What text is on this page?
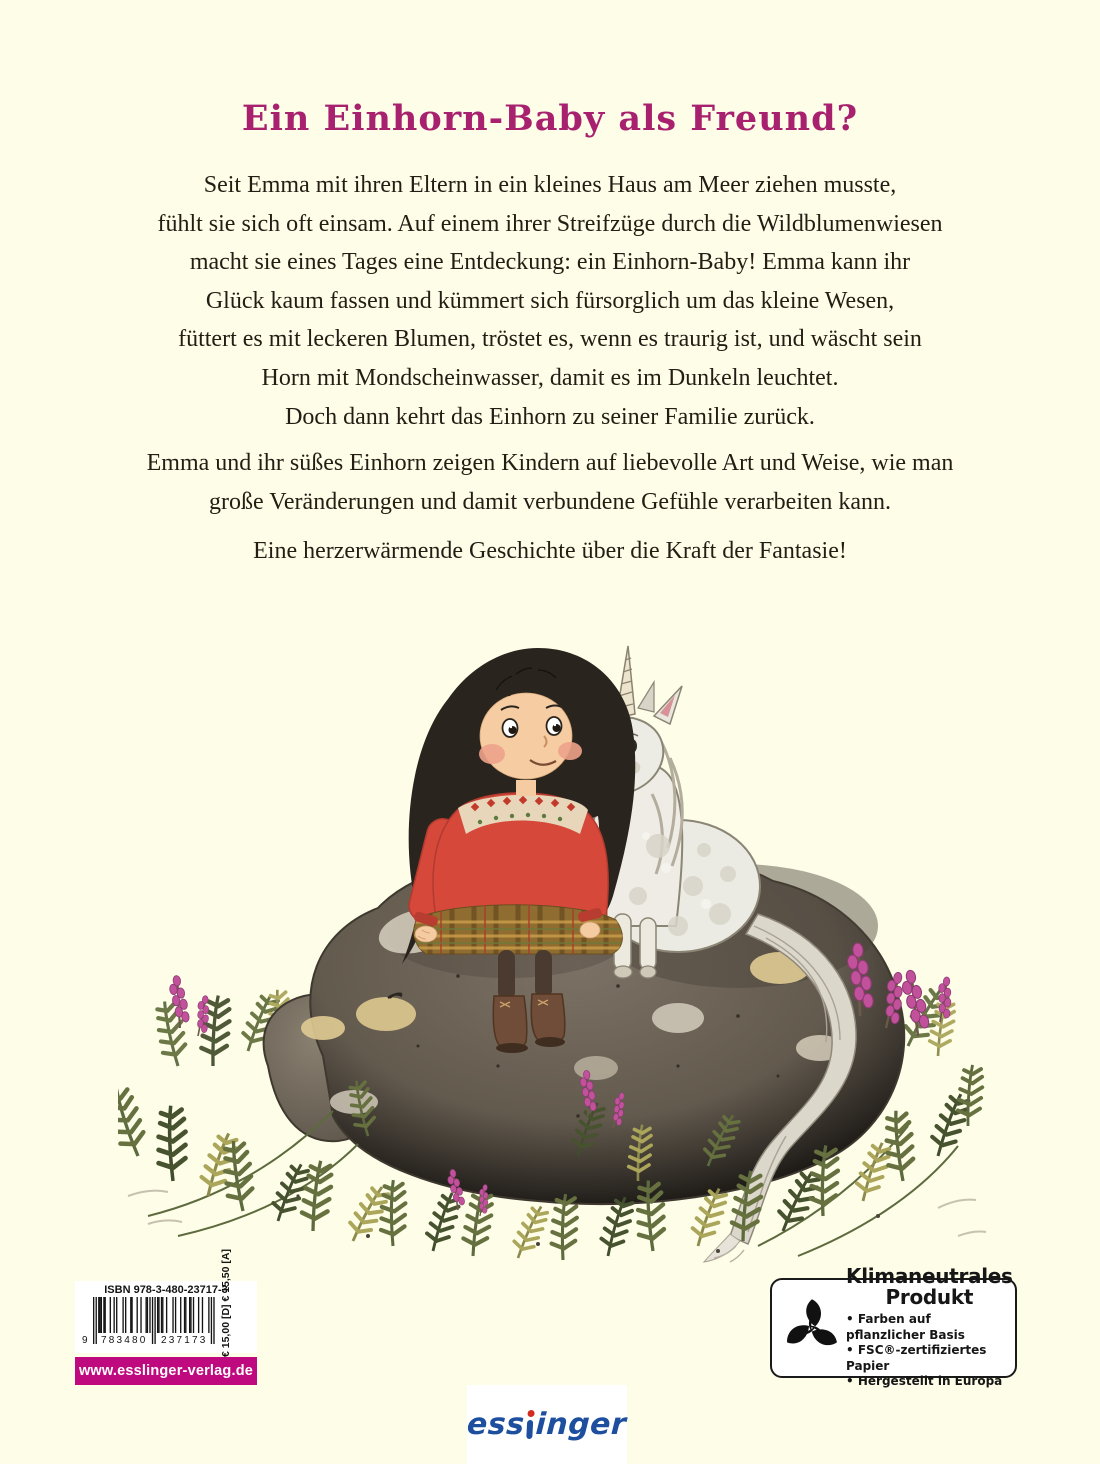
Ein Einhorn-Baby als Freund?

Seit Emma mit ihren Eltern in ein kleines Haus am Meer ziehen musste,
fühlt sie sich oft einsam. Auf einem ihrer Streifzüge durch die Wildblumenwiesen
macht sie eines Tages eine Entdeckung: ein Einhorn-Baby! Emma kann ihr
Glück kaum fassen und kümmert sich fürsorglich um das kleine Wesen,
füttert es mit leckeren Blumen, tröstet es, wenn es traurig ist, und wäscht sein
Horn mit Mondscheinwasser, damit es im Dunkeln leuchtet.
Doch dann kehrt das Einhorn zu seiner Familie zurück.

Emma und ihr süßes Einhorn zeigen Kindern auf liebevolle Art und Weise, wie man
große Veränderungen und damit verbundene Gefühle verarbeiten kann.

Eine herzerwärmende Geschichte über die Kraft der Fantasie!

ISBN 978-3-480-23717-3
9 783480 237173 € 15,00 [D] € 15,50 [A]
www.esslinger-verlag.de
Klimaneutrales
Produkt
• Farben auf pflanzlicher Basis
• FSC®-zertifiziertes Papier
• Hergestellt in Europa
ess inger
